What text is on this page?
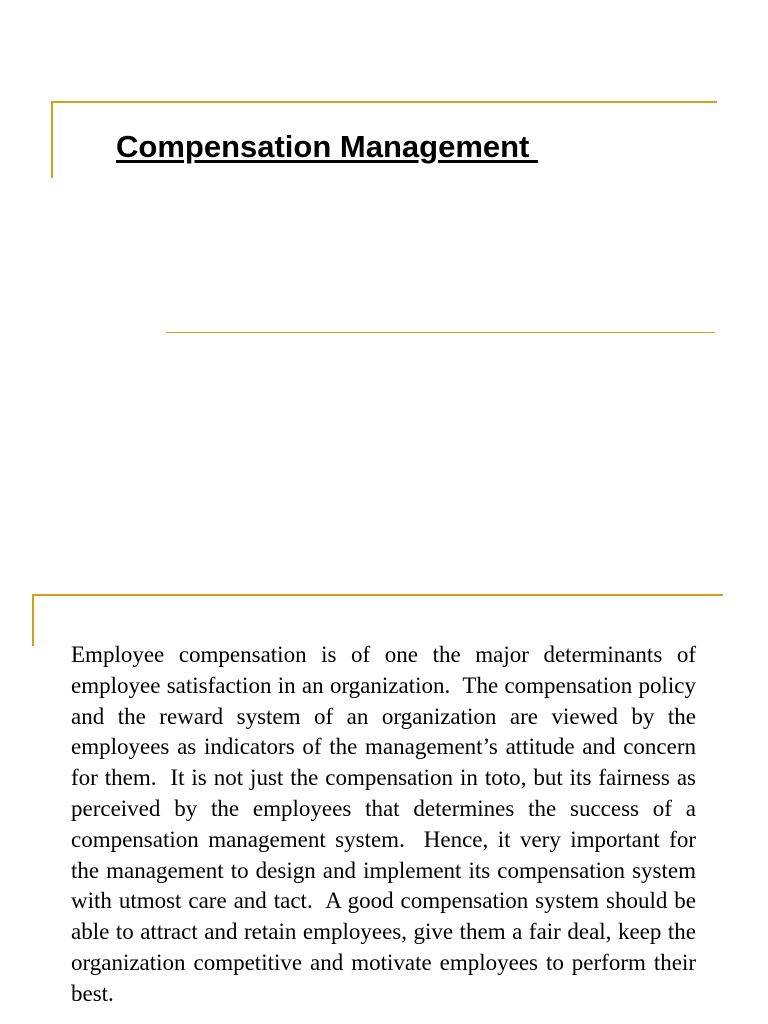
Compensation Management

Employee compensation is of one the major determinants of employee satisfaction in an organization.  The compensation policy and the reward system of an organization are viewed by the employees as indicators of the management’s attitude and concern for them.  It is not just the compensation in toto, but its fairness as perceived by the employees that determines the success of a compensation management system.  Hence, it very important for the management to design and implement its compensation system with utmost care and tact.  A good compensation system should be able to attract and retain employees, give them a fair deal, keep the organization competitive and motivate employees to perform their best.
